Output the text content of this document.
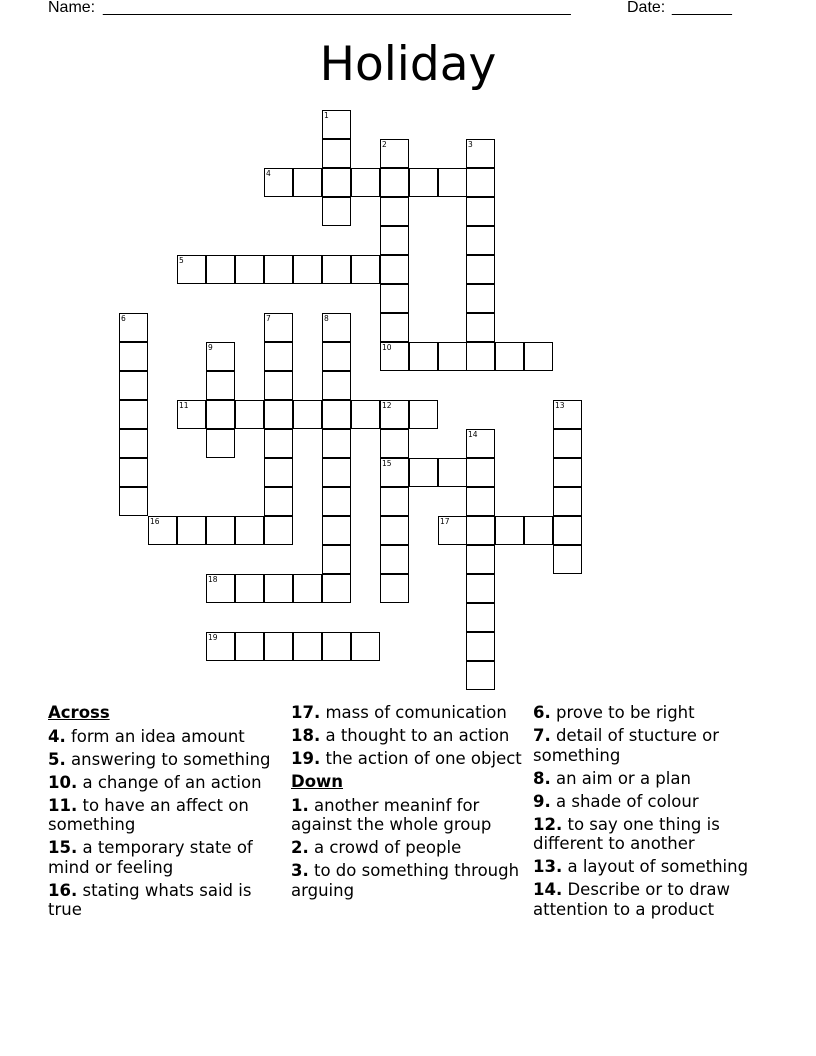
Name: _______________________________________________________	Date: _______
Holiday
1
2	3
4
5
6	7	8
9	10
11	12	13
14
15
16	17
18
19
Across
4. form an idea amount
5. answering to something
10. a change of an action
11. to have an affect on something
15. a temporary state of mind or feeling
16. stating whats said is true
17. mass of comunication
18. a thought to an action
19. the action of one object
Down
1. another meaninf for against the whole group
2. a crowd of people
3. to do something through arguing
6. prove to be right
7. detail of stucture or something
8. an aim or a plan
9. a shade of colour
12. to say one thing is different to another
13. a layout of something
14. Describe or to draw attention to a product
